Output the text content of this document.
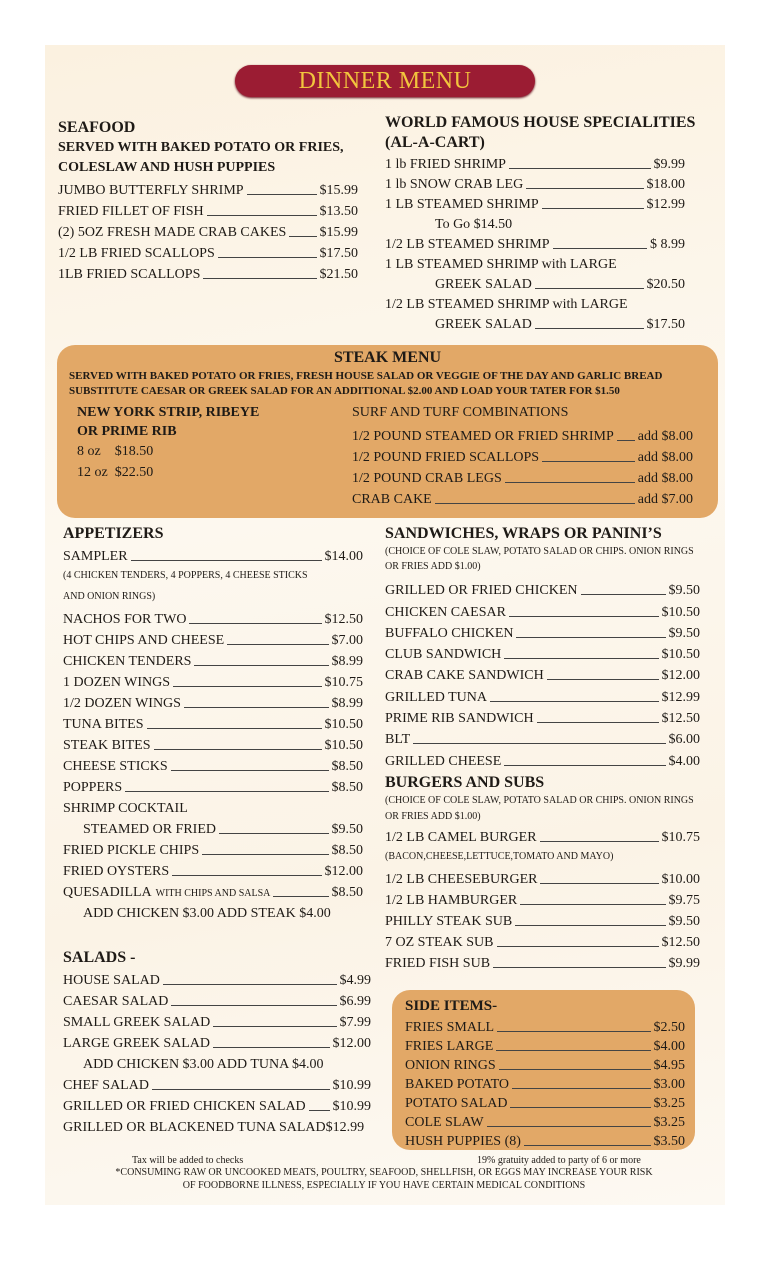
DINNER MENU
SEAFOOD
SERVED WITH BAKED POTATO OR FRIES,
COLESLAW AND HUSH PUPPIES
JUMBO BUTTERFLY SHRIMP	$15.99
FRIED FILLET OF FISH	$13.50
(2) 5OZ FRESH MADE CRAB CAKES $15.99
1/2 LB FRIED SCALLOPS	$17.50
1LB FRIED SCALLOPS	$21.50
WORLD FAMOUS HOUSE SPECIALITIES
(AL-A-CART)
1 lb FRIED SHRIMP	$9.99
1 lb SNOW CRAB LEG	$18.00
1 LB STEAMED SHRIMP	$12.99
To Go $14.50
1/2 LB STEAMED SHRIMP	$ 8.99
1 LB STEAMED SHRIMP with LARGE
GREEK SALAD	$20.50
1/2 LB STEAMED SHRIMP with LARGE
GREEK SALAD	$17.50
STEAK MENU
SERVED WITH BAKED POTATO OR FRIES, FRESH HOUSE SALAD OR VEGGIE OF THE DAY AND GARLIC BREAD
SUBSTITUTE CAESAR OR GREEK SALAD FOR AN ADDITIONAL $2.00 AND LOAD YOUR TATER FOR $1.50
NEW YORK STRIP, RIBEYE
OR PRIME RIB
8 oz $18.50
12 oz $22.50
SURF AND TURF COMBINATIONS
1/2 POUND STEAMED OR FRIED SHRIMP add $8.00
1/2 POUND FRIED SCALLOPS	add $8.00
1/2 POUND CRAB LEGS	add $8.00
CRAB CAKE	add $7.00
APPETIZERS
SAMPLER	$14.00
(4 CHICKEN TENDERS, 4 POPPERS, 4 CHEESE STICKS
AND ONION RINGS)
NACHOS FOR TWO	$12.50
HOT CHIPS AND CHEESE	$7.00
CHICKEN TENDERS	$8.99
1 DOZEN WINGS	$10.75
1/2 DOZEN WINGS	$8.99
TUNA BITES	$10.50
STEAK BITES	$10.50
CHEESE STICKS	$8.50
POPPERS	$8.50
SHRIMP COCKTAIL
STEAMED OR FRIED	$9.50
FRIED PICKLE CHIPS	$8.50
FRIED OYSTERS	$12.00
QUESADILLA WITH CHIPS AND SALSA	$8.50
ADD CHICKEN $3.00 ADD STEAK $4.00
SALADS -
HOUSE SALAD	$4.99
CAESAR SALAD	$6.99
SMALL GREEK SALAD	$7.99
LARGE GREEK SALAD	$12.00
ADD CHICKEN $3.00 ADD TUNA $4.00
CHEF SALAD	$10.99
GRILLED OR FRIED CHICKEN SALAD $10.99
GRILLED OR BLACKENED TUNA SALAD $12.99
SANDWICHES, WRAPS OR PANINI’S
(CHOICE OF COLE SLAW, POTATO SALAD OR CHIPS. ONION RINGS
OR FRIES ADD $1.00)
GRILLED OR FRIED CHICKEN	$9.50
CHICKEN CAESAR	$10.50
BUFFALO CHICKEN	$9.50
CLUB SANDWICH	$10.50
CRAB CAKE SANDWICH	$12.00
GRILLED TUNA	$12.99
PRIME RIB SANDWICH	$12.50
BLT	$6.00
GRILLED CHEESE	$4.00
BURGERS AND SUBS
(CHOICE OF COLE SLAW, POTATO SALAD OR CHIPS. ONION RINGS
OR FRIES ADD $1.00)
1/2 LB CAMEL BURGER	$10.75
(BACON,CHEESE,LETTUCE,TOMATO AND MAYO)
1/2 LB CHEESEBURGER	$10.00
1/2 LB HAMBURGER	$9.75
PHILLY STEAK SUB	$9.50
7 OZ STEAK SUB	$12.50
FRIED FISH SUB	$9.99
SIDE ITEMS-
FRIES SMALL	$2.50
FRIES LARGE	$4.00
ONION RINGS	$4.95
BAKED POTATO	$3.00
POTATO SALAD	$3.25
COLE SLAW	$3.25
HUSH PUPPIES (8)	$3.50
Tax will be added to checks	19% gratuity added to party of 6 or more
*CONSUMING RAW OR UNCOOKED MEATS, POULTRY, SEAFOOD, SHELLFISH, OR EGGS MAY INCREASE YOUR RISK
OF FOODBORNE ILLNESS, ESPECIALLY IF YOU HAVE CERTAIN MEDICAL CONDITIONS
